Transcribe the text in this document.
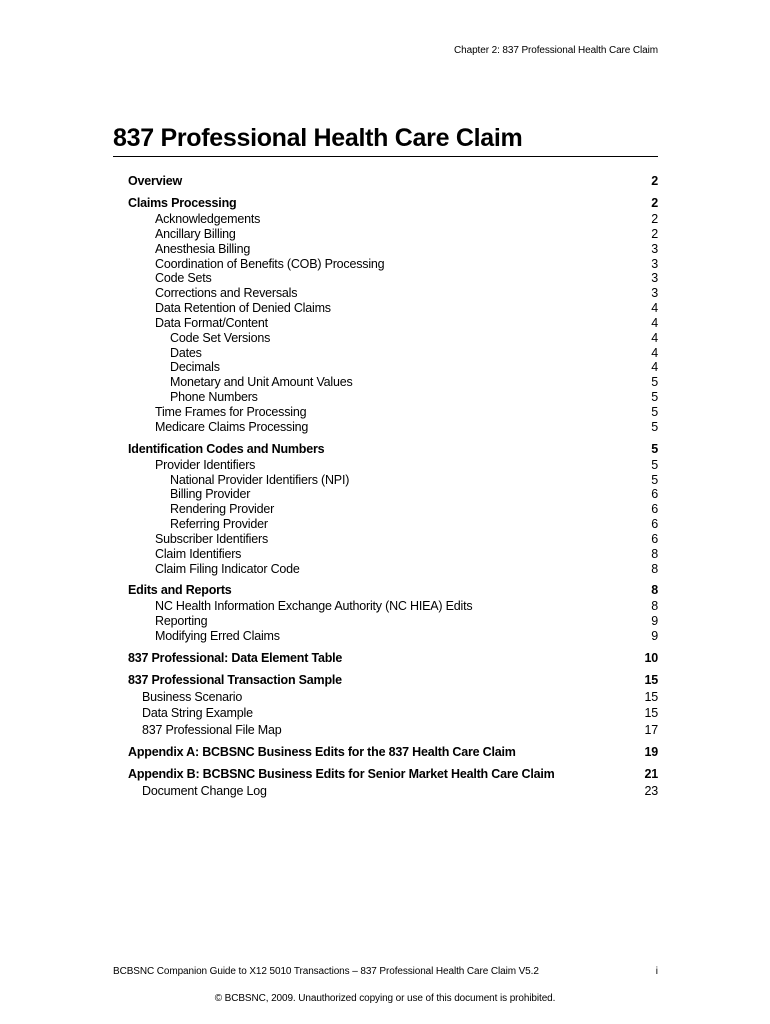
Chapter 2: 837 Professional Health Care Claim
837 Professional Health Care Claim
Overview	2
Claims Processing	2
Acknowledgements	2
Ancillary Billing	2
Anesthesia Billing	3
Coordination of Benefits (COB) Processing	3
Code Sets	3
Corrections and Reversals	3
Data Retention of Denied Claims	4
Data Format/Content	4
Code Set Versions	4
Dates	4
Decimals	4
Monetary and Unit Amount Values	5
Phone Numbers	5
Time Frames for Processing	5
Medicare Claims Processing	5
Identification Codes and Numbers	5
Provider Identifiers	5
National Provider Identifiers (NPI)	5
Billing Provider	6
Rendering Provider	6
Referring Provider	6
Subscriber Identifiers	6
Claim Identifiers	8
Claim Filing Indicator Code	8
Edits and Reports	8
NC Health Information Exchange Authority (NC HIEA) Edits	8
Reporting	9
Modifying Erred Claims	9
837 Professional: Data Element Table	10
837 Professional Transaction Sample	15
Business Scenario	15
Data String Example	15
837 Professional File Map	17
Appendix A: BCBSNC Business Edits for the 837 Health Care Claim	19
Appendix B: BCBSNC Business Edits for Senior Market Health Care Claim	21
Document Change Log	23
BCBSNC Companion Guide to X12 5010 Transactions – 837 Professional Health Care Claim V5.2	i
© BCBSNC, 2009. Unauthorized copying or use of this document is prohibited.
